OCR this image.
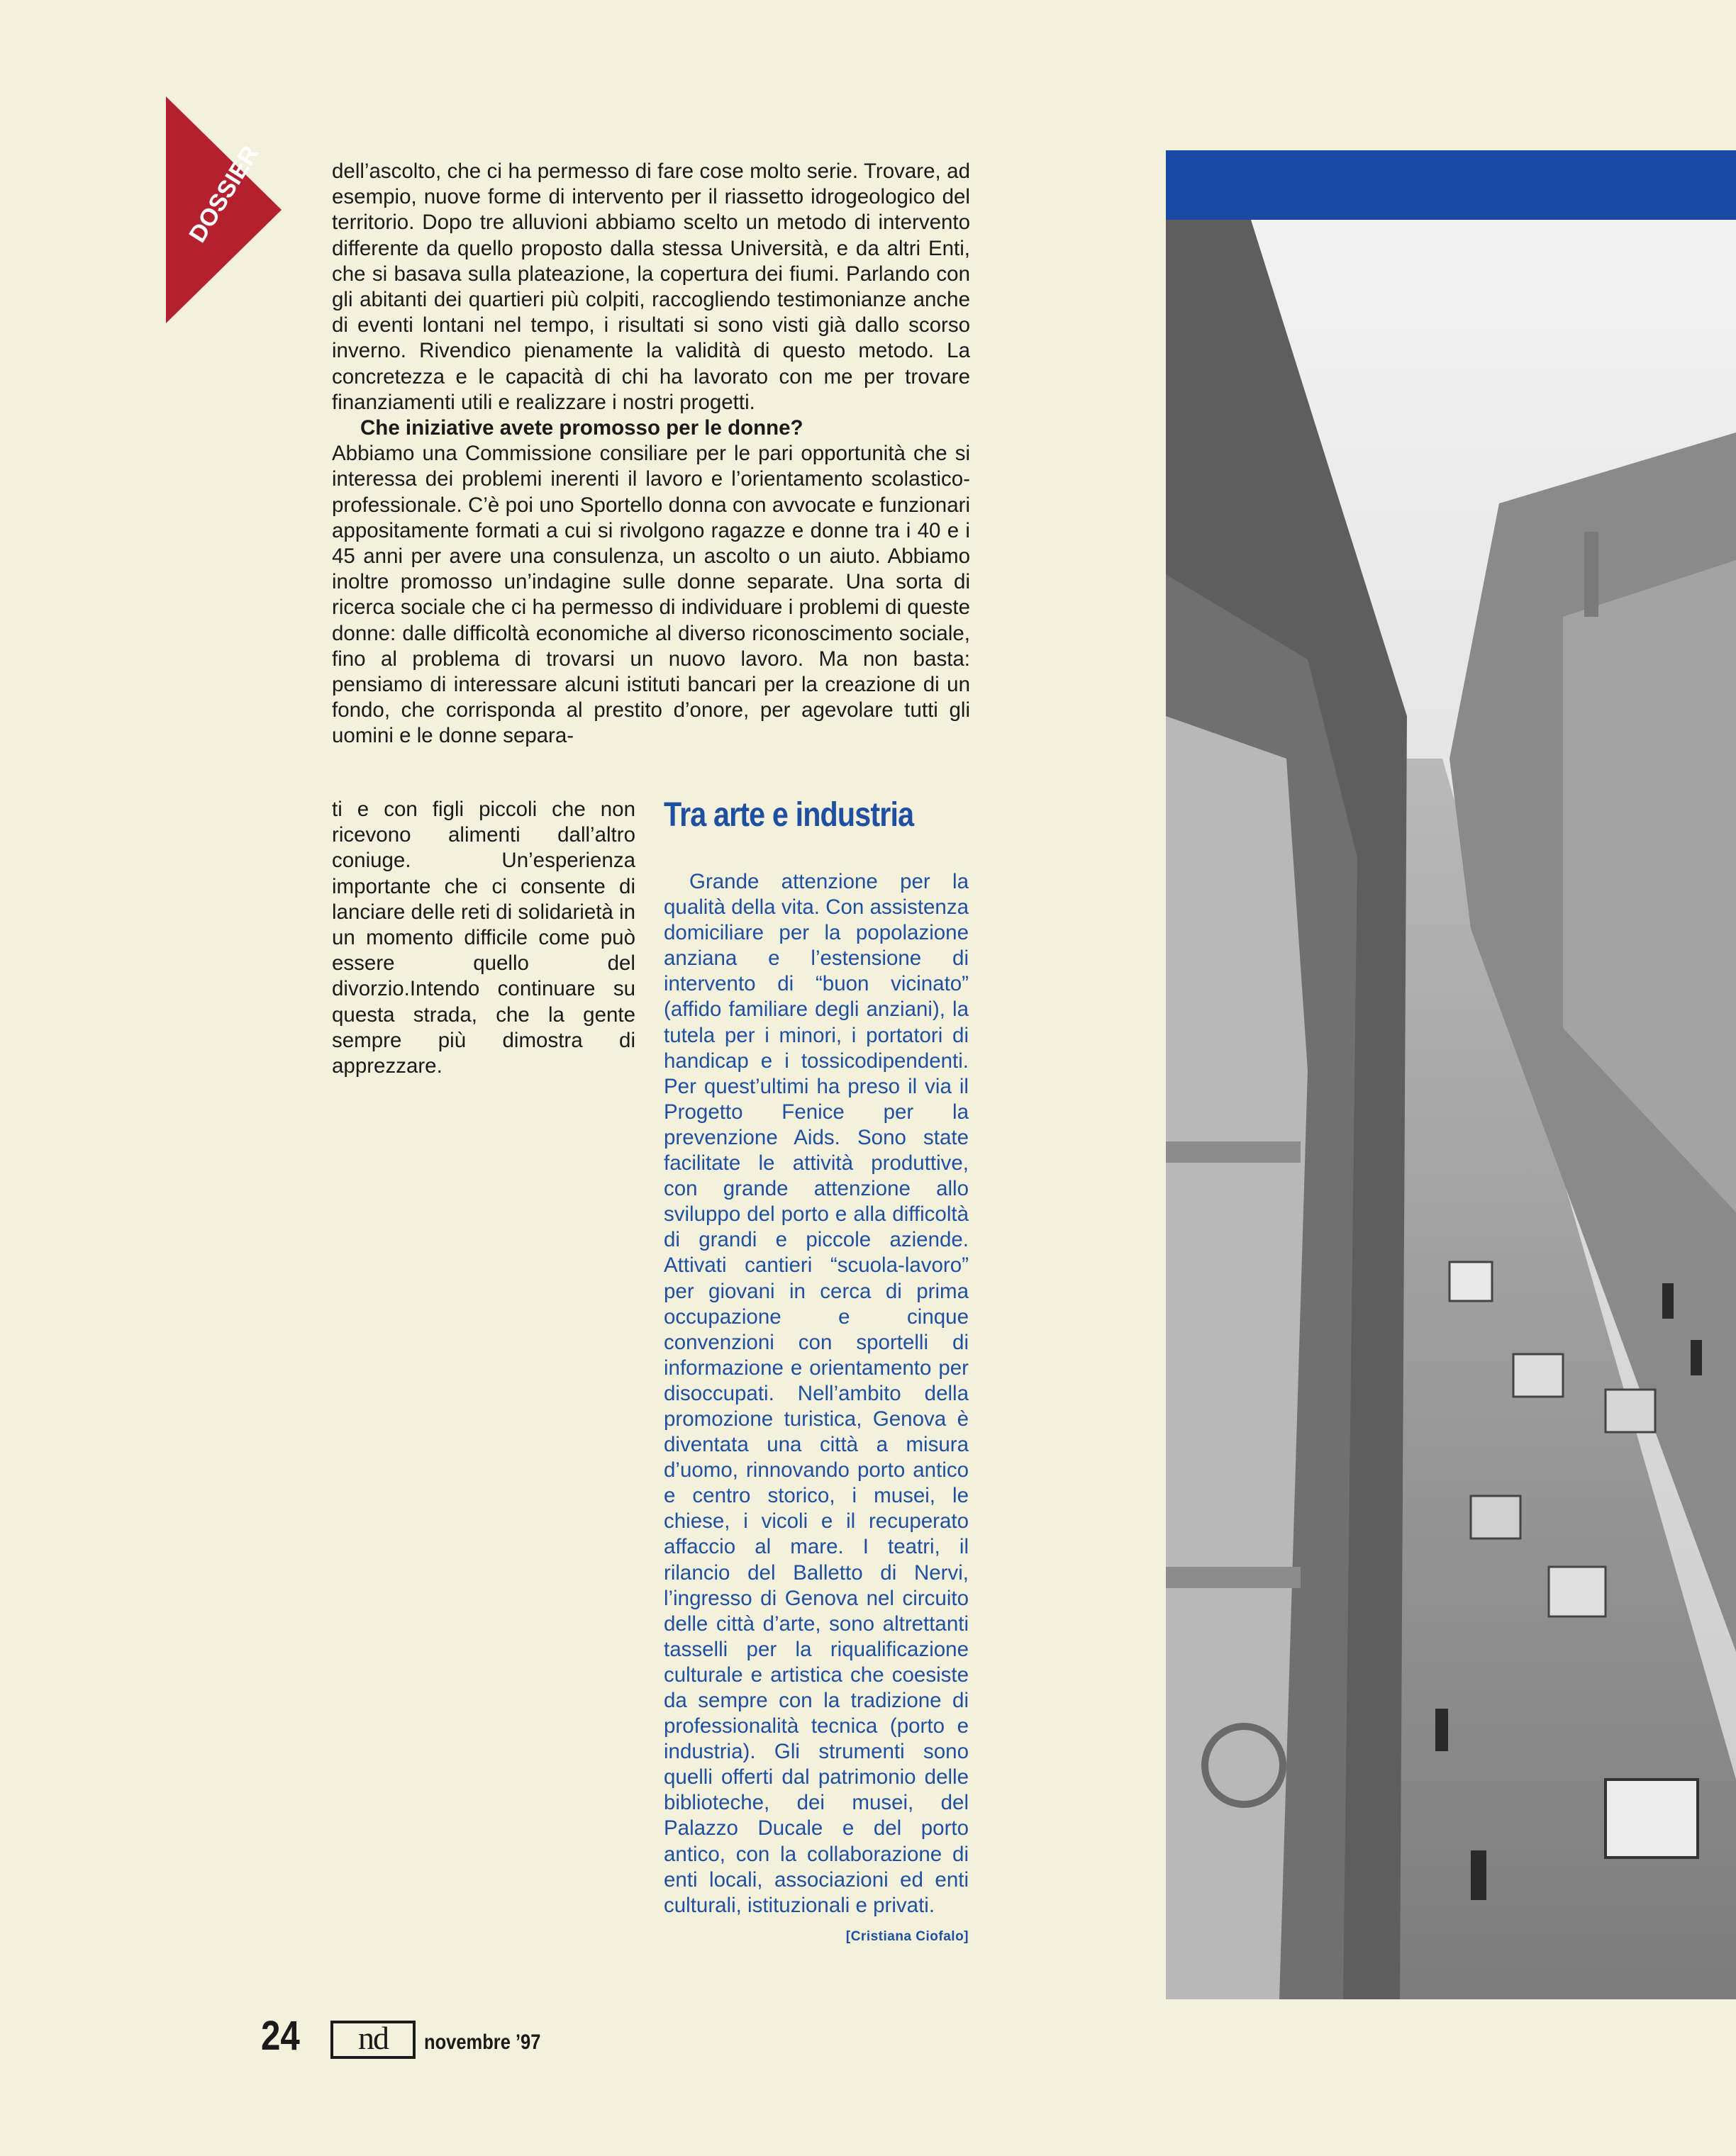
DOSSIER	dell’ascolto, che ci ha permesso di fare cose molto serie. Trovare, ad esempio, nuove forme di intervento per il riassetto idrogeologico del territorio. Dopo tre alluvioni abbiamo scelto un metodo di intervento differente da quello proposto dalla stessa Università, e da altri Enti, che si basava sulla plateazione, la copertura dei fiumi. Parlando con gli abitanti dei quartieri più colpiti, raccogliendo testimonianze anche di eventi lontani nel tempo, i risultati si sono visti già dallo scorso inverno. Rivendico pienamente la validità di questo metodo. La concretezza e le capacità di chi ha lavorato con me per trovare finanziamenti utili e realizzare i nostri progetti.

Che iniziative avete promosso per le donne?

Abbiamo una Commissione consiliare per le pari opportunità che si interessa dei problemi inerenti il lavoro e l’orientamento scolastico-professionale. C’è poi uno Sportello donna con avvocate e funzionari appositamente formati a cui si rivolgono ragazze e donne tra i 40 e i 45 anni per avere una consulenza, un ascolto o un aiuto. Abbiamo inoltre promosso un’indagine sulle donne separate. Una sorta di ricerca sociale che ci ha permesso di individuare i problemi di queste donne: dalle difficoltà economiche al diverso riconoscimento sociale, fino al problema di trovarsi un nuovo lavoro. Ma non basta: pensiamo di interessare alcuni istituti bancari per la creazione di un fondo, che corrisponda al prestito d’onore, per agevolare tutti gli uomini e le donne separa-

ti e con figli piccoli che non ricevono alimenti dall’altro coniuge. Un’esperienza importante che ci consente di lanciare delle reti di solidarietà in un momento difficile come può essere quello del divorzio.Intendo continuare su questa strada, che la gente sempre più dimostra di apprezzare.
Tra arte e industria

Grande attenzione per la qualità della vita. Con assistenza domiciliare per la popolazione anziana e l’estensione di intervento di “buon vicinato” (affido familiare degli anziani), la tutela per i minori, i portatori di handicap e i tossicodipendenti. Per quest’ultimi ha preso il via il Progetto Fenice per la prevenzione Aids. Sono state facilitate le attività produttive, con grande attenzione allo sviluppo del porto e alla difficoltà di grandi e piccole aziende. Attivati cantieri “scuola-lavoro” per giovani in cerca di prima occupazione e cinque convenzioni con sportelli di informazione e orientamento per disoccupati. Nell’ambito della promozione turistica, Genova è diventata una città a misura d’uomo, rinnovando porto antico e centro storico, i musei, le chiese, i vicoli e il recuperato affaccio al mare. I teatri, il rilancio del Balletto di Nervi, l’ingresso di Genova nel circuito delle città d’arte, sono altrettanti tasselli per la riqualificazione culturale e artistica che coesiste da sempre con la tradizione di professionalità tecnica (porto e industria). Gli strumenti sono quelli offerti dal patrimonio delle biblioteche, dei musei, del Palazzo Ducale e del porto antico, con la collaborazione di enti locali, associazioni ed enti culturali, istituzionali e privati.

[Cristiana Ciofalo]
24	nd	novembre ’97
